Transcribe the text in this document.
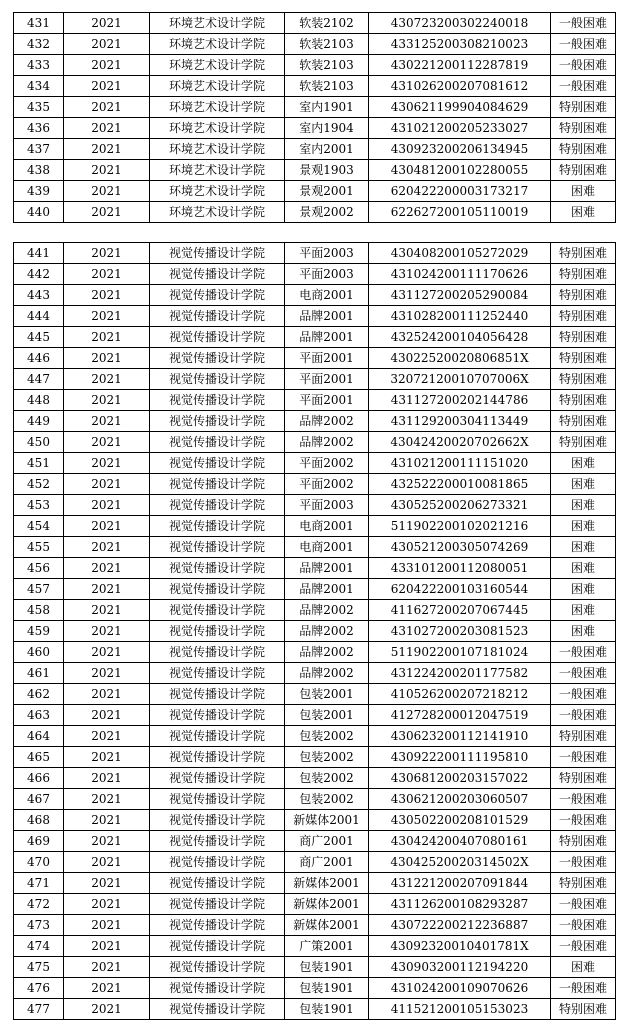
431	2021	环境艺术设计学院	软装2102	430723200302240018	一般困难
432	2021	环境艺术设计学院	软装2103	433125200308210023	一般困难
433	2021	环境艺术设计学院	软装2103	430221200112287819	一般困难
434	2021	环境艺术设计学院	软装2103	431026200207081612	一般困难
435	2021	环境艺术设计学院	室内1901	430621199904084629	特别困难
436	2021	环境艺术设计学院	室内1904	431021200205233027	特别困难
437	2021	环境艺术设计学院	室内2001	430923200206134945	特别困难
438	2021	环境艺术设计学院	景观1903	430481200102280055	特别困难
439	2021	环境艺术设计学院	景观2001	620422200003173217	困难
440	2021	环境艺术设计学院	景观2002	622627200105110019	困难
441	2021	视觉传播设计学院	平面2003	430408200105272029	特别困难
442	2021	视觉传播设计学院	平面2003	431024200111170626	特别困难
443	2021	视觉传播设计学院	电商2001	431127200205290084	特别困难
444	2021	视觉传播设计学院	品牌2001	431028200111252440	特别困难
445	2021	视觉传播设计学院	品牌2001	432524200104056428	特别困难
446	2021	视觉传播设计学院	平面2001	43022520020806851X	特别困难
447	2021	视觉传播设计学院	平面2001	32072120010707006X	特别困难
448	2021	视觉传播设计学院	平面2001	431127200202144786	特别困难
449	2021	视觉传播设计学院	品牌2002	431129200304113449	特别困难
450	2021	视觉传播设计学院	品牌2002	43042420020702662X	特别困难
451	2021	视觉传播设计学院	平面2002	431021200111151020	困难
452	2021	视觉传播设计学院	平面2002	432522200010081865	困难
453	2021	视觉传播设计学院	平面2003	430525200206273321	困难
454	2021	视觉传播设计学院	电商2001	511902200102021216	困难
455	2021	视觉传播设计学院	电商2001	430521200305074269	困难
456	2021	视觉传播设计学院	品牌2001	433101200112080051	困难
457	2021	视觉传播设计学院	品牌2001	620422200103160544	困难
458	2021	视觉传播设计学院	品牌2002	411627200207067445	困难
459	2021	视觉传播设计学院	品牌2002	431027200203081523	困难
460	2021	视觉传播设计学院	品牌2002	511902200107181024	一般困难
461	2021	视觉传播设计学院	品牌2002	431224200201177582	一般困难
462	2021	视觉传播设计学院	包装2001	410526200207218212	一般困难
463	2021	视觉传播设计学院	包装2001	412728200012047519	一般困难
464	2021	视觉传播设计学院	包装2002	430623200112141910	特别困难
465	2021	视觉传播设计学院	包装2002	430922200111195810	一般困难
466	2021	视觉传播设计学院	包装2002	430681200203157022	特别困难
467	2021	视觉传播设计学院	包装2002	430621200203060507	一般困难
468	2021	视觉传播设计学院	新媒体2001	430502200208101529	一般困难
469	2021	视觉传播设计学院	商广2001	430424200407080161	特别困难
470	2021	视觉传播设计学院	商广2001	43042520020314502X	一般困难
471	2021	视觉传播设计学院	新媒体2001	431221200207091844	特别困难
472	2021	视觉传播设计学院	新媒体2001	431126200108293287	一般困难
473	2021	视觉传播设计学院	新媒体2001	430722200212236887	一般困难
474	2021	视觉传播设计学院	广策2001	43092320010401781X	一般困难
475	2021	视觉传播设计学院	包装1901	430903200112194220	困难
476	2021	视觉传播设计学院	包装1901	431024200109070626	一般困难
477	2021	视觉传播设计学院	包装1901	411521200105153023	特别困难
